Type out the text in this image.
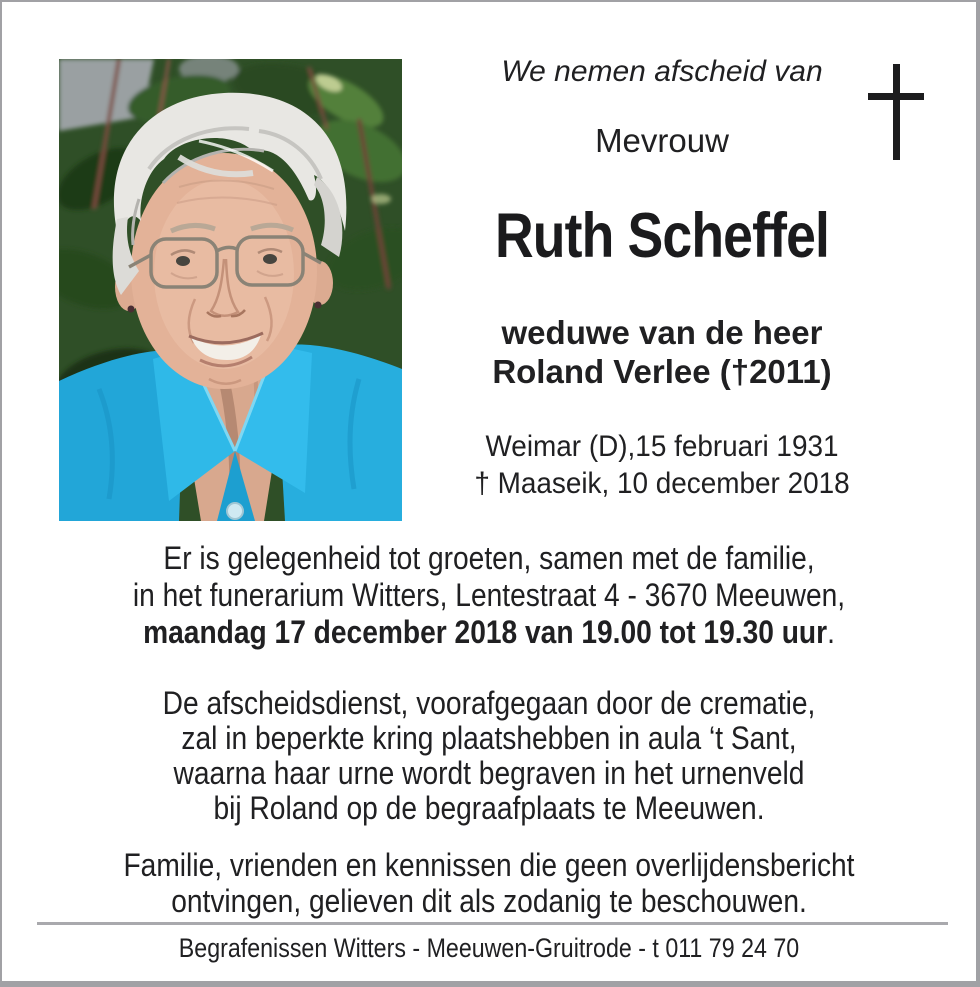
We nemen afscheid van
Mevrouw
Ruth Scheffel
weduwe van de heer
Roland Verlee (†2011)
Weimar (D),15 februari 1931
† Maaseik, 10 december 2018
Er is gelegenheid tot groeten, samen met de familie,
in het funerarium Witters, Lentestraat 4 - 3670 Meeuwen,
maandag 17 december 2018 van 19.00 tot 19.30 uur.
De afscheidsdienst, voorafgegaan door de crematie,
zal in beperkte kring plaatshebben in aula ‘t Sant,
waarna haar urne wordt begraven in het urnenveld
bij Roland op de begraafplaats te Meeuwen.
Familie, vrienden en kennissen die geen overlijdensbericht
ontvingen, gelieven dit als zodanig te beschouwen.
Begrafenissen Witters - Meeuwen-Gruitrode - t 011 79 24 70
